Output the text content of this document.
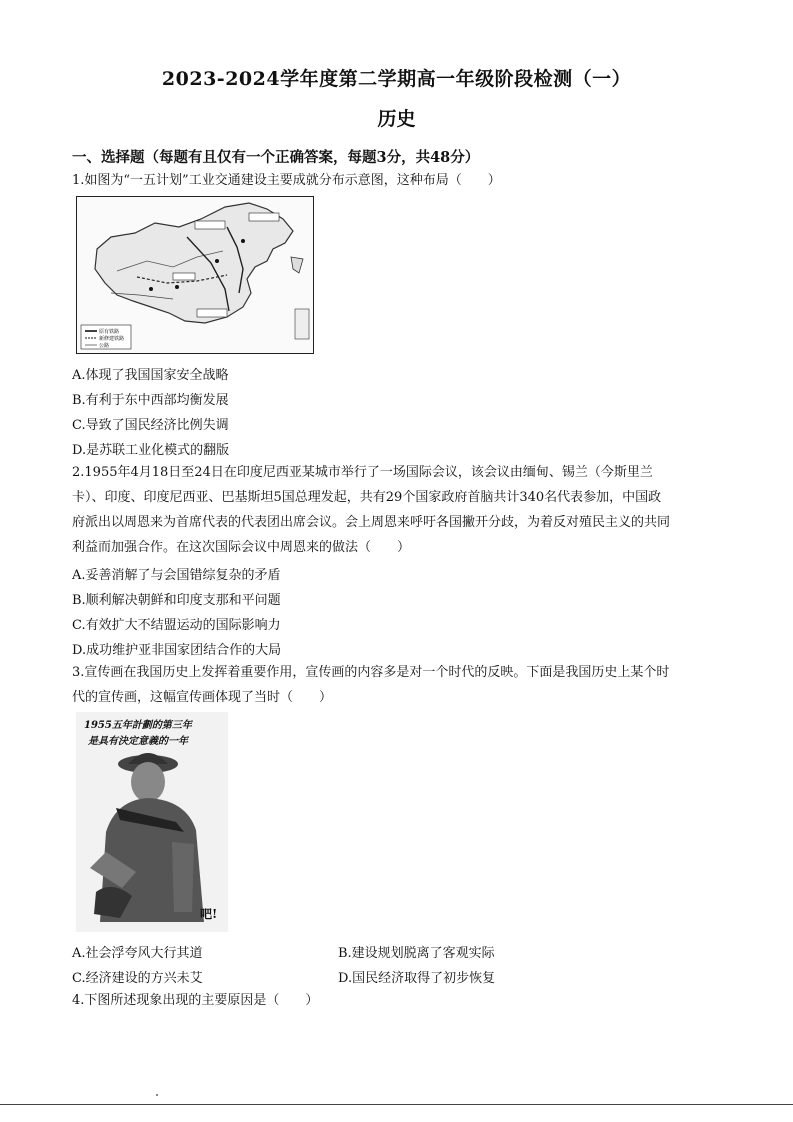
2023-2024学年度第二学期高一年级阶段检测（一）
历史
一、选择题（每题有且仅有一个正确答案，每题3分，共48分）
1.如图为“一五计划”工业交通建设主要成就分布示意图，这种布局（　　）
原有铁路
新修建铁路
公路
A.体现了我国国家安全战略
B.有利于东中西部均衡发展
C.导致了国民经济比例失调
D.是苏联工业化模式的翻版
2.1955年4月18日至24日在印度尼西亚某城市举行了一场国际会议，该会议由缅甸、锡兰（今斯里兰
卡）、印度、印度尼西亚、巴基斯坦5国总理发起，共有29个国家政府首脑共计340名代表参加，中国政
府派出以周恩来为首席代表的代表团出席会议。会上周恩来呼吁各国撇开分歧，为着反对殖民主义的共同
利益而加强合作。在这次国际会议中周恩来的做法（　　）
A.妥善消解了与会国错综复杂的矛盾
B.顺利解决朝鲜和印度支那和平问题
C.有效扩大不结盟运动的国际影响力
D.成功维护亚非国家团结合作的大局
3.宣传画在我国历史上发挥着重要作用，宣传画的内容多是对一个时代的反映。下面是我国历史上某个时
代的宣传画，这幅宣传画体现了当时（　　）
1955五年計劃的第三年
是具有決定意義的一年
吧!
A.社会浮夸风大行其道	B.建设规划脱离了客观实际
C.经济建设的方兴未艾	D.国民经济取得了初步恢复
4.下图所述现象出现的主要原因是（　　）
